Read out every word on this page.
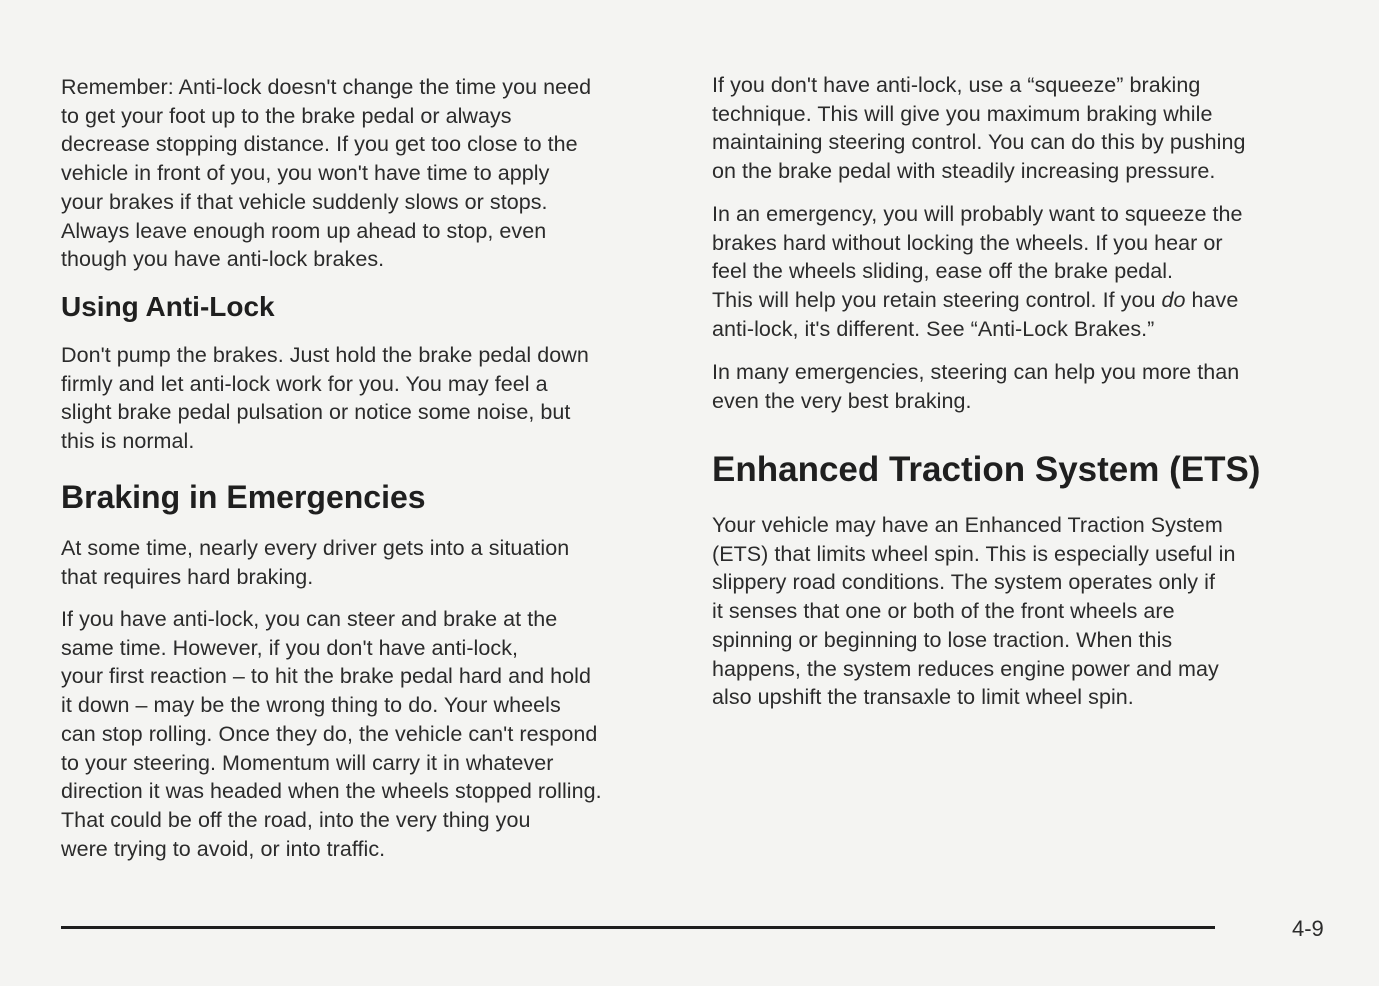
Remember: Anti-lock doesn't change the time you need
to get your foot up to the brake pedal or always
decrease stopping distance. If you get too close to the
vehicle in front of you, you won't have time to apply
your brakes if that vehicle suddenly slows or stops.
Always leave enough room up ahead to stop, even
though you have anti-lock brakes.

Using Anti-Lock

Don't pump the brakes. Just hold the brake pedal down
firmly and let anti-lock work for you. You may feel a
slight brake pedal pulsation or notice some noise, but
this is normal.

Braking in Emergencies

At some time, nearly every driver gets into a situation
that requires hard braking.

If you have anti-lock, you can steer and brake at the
same time. However, if you don't have anti-lock,
your first reaction – to hit the brake pedal hard and hold
it down – may be the wrong thing to do. Your wheels
can stop rolling. Once they do, the vehicle can't respond
to your steering. Momentum will carry it in whatever
direction it was headed when the wheels stopped rolling.
That could be off the road, into the very thing you
were trying to avoid, or into traffic.

If you don't have anti-lock, use a “squeeze” braking
technique. This will give you maximum braking while
maintaining steering control. You can do this by pushing
on the brake pedal with steadily increasing pressure.

In an emergency, you will probably want to squeeze the
brakes hard without locking the wheels. If you hear or
feel the wheels sliding, ease off the brake pedal.
This will help you retain steering control. If you do have
anti-lock, it's different. See “Anti-Lock Brakes.”

In many emergencies, steering can help you more than
even the very best braking.

Enhanced Traction System (ETS)

Your vehicle may have an Enhanced Traction System
(ETS) that limits wheel spin. This is especially useful in
slippery road conditions. The system operates only if
it senses that one or both of the front wheels are
spinning or beginning to lose traction. When this
happens, the system reduces engine power and may
also upshift the transaxle to limit wheel spin.

4-9
